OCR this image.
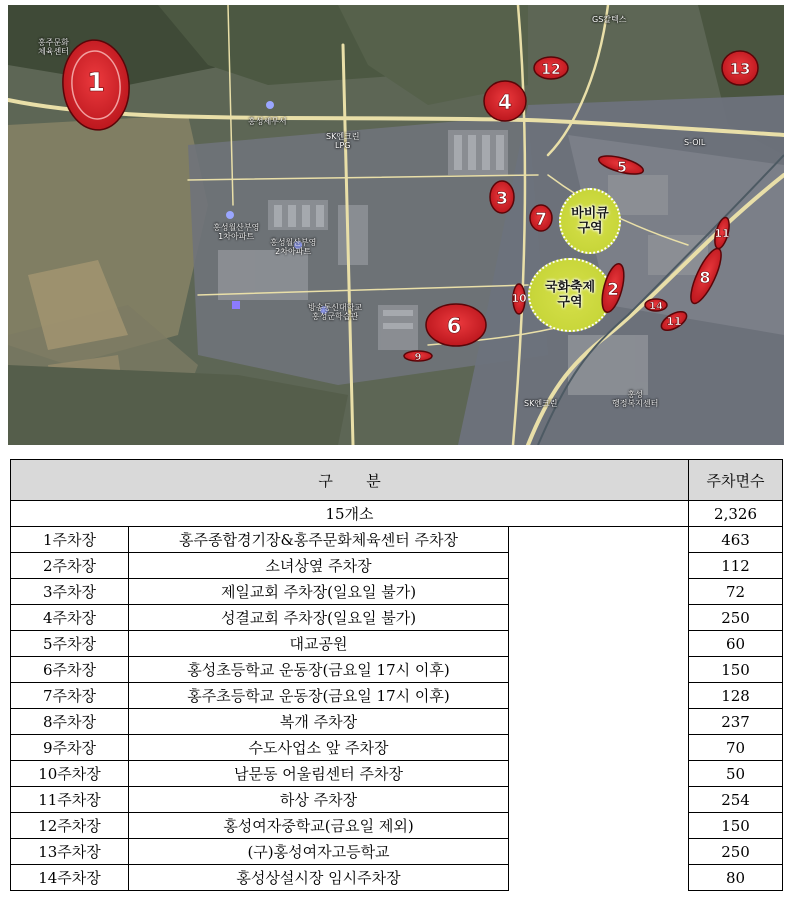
홍주문화
체육센터
GS칼텍스
홍성세무서
SK엔크린
LPG	S-OIL
홍성월산부영
1차아파트
홍성월산부영
2차아파트
방송통신대학교
홍성군학습관
SK엔크린
홍성
행정복지센터
바비큐
구역
국화축제
구역
1
2
3
4
5
6
7
8
9
10
11
11
12	13
14
구       분			주차면수
15개소			2,326
1주차장	홍주종합경기장&홍주문화체육센터 주차장		463
2주차장	소녀상옆 주차장		112
3주차장	제일교회 주차장(일요일 불가)		72
4주차장	성결교회 주차장(일요일 불가)		250
5주차장	대교공원		60
6주차장	홍성초등학교 운동장(금요일 17시 이후)		150
7주차장	홍주초등학교 운동장(금요일 17시 이후)		128
8주차장	복개 주차장		237
9주차장	수도사업소 앞 주차장		70
10주차장	남문동 어울림센터 주차장		50
11주차장	하상 주차장		254
12주차장	홍성여자중학교(금요일 제외)		150
13주차장	(구)홍성여자고등학교		250
14주차장	홍성상설시장 임시주차장		80
